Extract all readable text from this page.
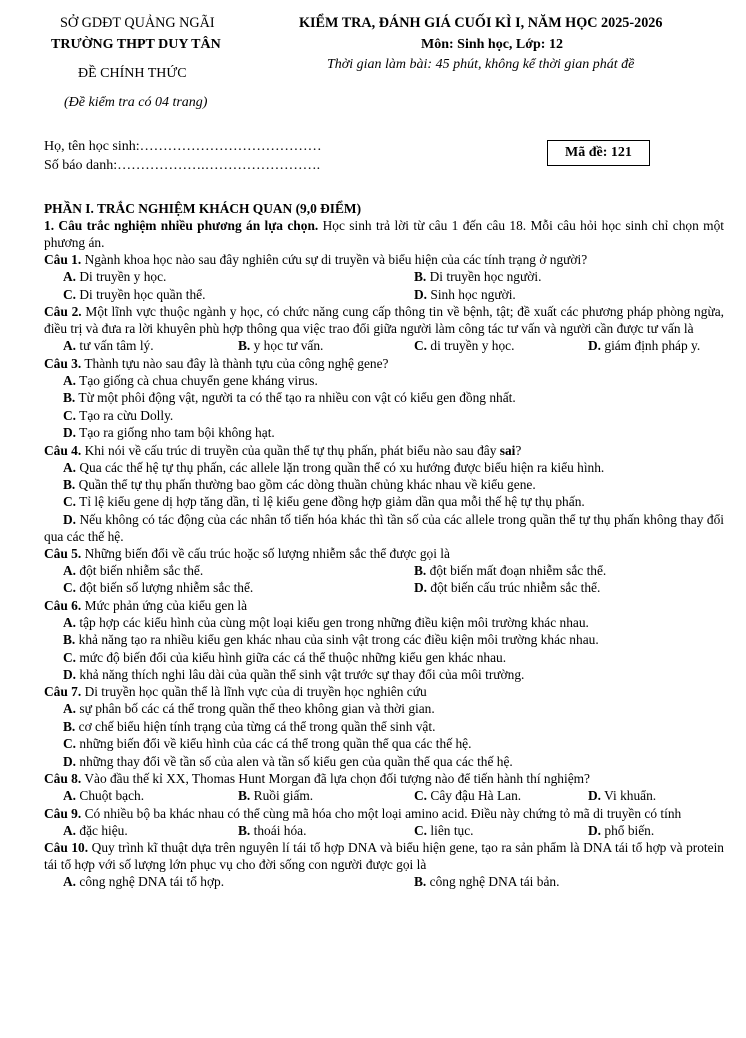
SỞ GDĐT QUẢNG NGÃI
TRƯỜNG THPT DUY TÂN
ĐỀ CHÍNH THỨC
(Đề kiểm tra có 04 trang)
KIỂM TRA, ĐÁNH GIÁ CUỐI KÌ I, NĂM HỌC 2025-2026
Môn: Sinh học, Lớp: 12
Thời gian làm bài: 45 phút, không kể thời gian phát đề
Họ, tên học sinh:…………………………………
Số báo danh:……………….…………………….
Mã đề: 121
PHẦN I. TRẮC NGHIỆM KHÁCH QUAN (9,0 ĐIỂM)
1. Câu trắc nghiệm nhiều phương án lựa chọn. Học sinh trả lời từ câu 1 đến câu 18. Mỗi câu hỏi học sinh chỉ chọn một phương án.
Câu 1. Ngành khoa học nào sau đây nghiên cứu sự di truyền và biểu hiện của các tính trạng ở người?
A. Di truyền y học.	B. Di truyền học người.
C. Di truyền học quần thể.	D. Sinh học người.
Câu 2. Một lĩnh vực thuộc ngành y học, có chức năng cung cấp thông tin về bệnh, tật; đề xuất các phương pháp phòng ngừa, điều trị và đưa ra lời khuyên phù hợp thông qua việc trao đổi giữa người làm công tác tư vấn và người cần được tư vấn là
A. tư vấn tâm lý.	B. y học tư vấn.	C. di truyền y học.	D. giám định pháp y.
Câu 3. Thành tựu nào sau đây là thành tựu của công nghệ gene?
A. Tạo giống cà chua chuyển gene kháng virus.
B. Từ một phôi động vật, người ta có thể tạo ra nhiều con vật có kiểu gen đồng nhất.
C. Tạo ra cừu Dolly.
D. Tạo ra giống nho tam bội không hạt.
Câu 4. Khi nói về cấu trúc di truyền của quần thể tự thụ phấn, phát biểu nào sau đây sai?
A. Qua các thế hệ tự thụ phấn, các allele lặn trong quần thể có xu hướng được biểu hiện ra kiểu hình.
B. Quần thể tự thụ phấn thường bao gồm các dòng thuần chủng khác nhau về kiểu gene.
C. Tỉ lệ kiểu gene dị hợp tăng dần, tỉ lệ kiểu gene đồng hợp giảm dần qua mỗi thế hệ tự thụ phấn.
D. Nếu không có tác động của các nhân tố tiến hóa khác thì tần số của các allele trong quần thể tự thụ phấn không thay đổi qua các thế hệ.
Câu 5. Những biến đổi về cấu trúc hoặc số lượng nhiễm sắc thể được gọi là
A. đột biến nhiễm sắc thể.	B. đột biến mất đoạn nhiễm sắc thể.
C. đột biến số lượng nhiễm sắc thể.	D. đột biến cấu trúc nhiễm sắc thể.
Câu 6. Mức phản ứng của kiểu gen là
A. tập hợp các kiểu hình của cùng một loại kiểu gen trong những điều kiện môi trường khác nhau.
B. khả năng tạo ra nhiều kiểu gen khác nhau của sinh vật trong các điều kiện môi trường khác nhau.
C. mức độ biến đổi của kiểu hình giữa các cá thể thuộc những kiểu gen khác nhau.
D. khả năng thích nghi lâu dài của quần thể sinh vật trước sự thay đổi của môi trường.
Câu 7. Di truyền học quần thể là lĩnh vực của di truyền học nghiên cứu
A. sự phân bố các cá thể trong quần thể theo không gian và thời gian.
B. cơ chế biểu hiện tính trạng của từng cá thể trong quần thể sinh vật.
C. những biến đổi về kiểu hình của các cá thể trong quần thể qua các thế hệ.
D. những thay đổi về tần số của alen và tần số kiểu gen của quần thể qua các thế hệ.
Câu 8. Vào đầu thế kỉ XX, Thomas Hunt Morgan đã lựa chọn đối tượng nào để tiến hành thí nghiệm?
A. Chuột bạch.	B. Ruồi giấm.	C. Cây đậu Hà Lan.	D. Vi khuẩn.
Câu 9. Có nhiều bộ ba khác nhau có thể cùng mã hóa cho một loại amino acid. Điều này chứng tỏ mã di truyền có tính
A. đặc hiệu.	B. thoái hóa.	C. liên tục.	D. phổ biến.
Câu 10. Quy trình kĩ thuật dựa trên nguyên lí tái tổ hợp DNA và biểu hiện gene, tạo ra sản phẩm là DNA tái tổ hợp và protein tái tổ hợp với số lượng lớn phục vụ cho đời sống con người được gọi là
A. công nghệ DNA tái tổ hợp.	B. công nghệ DNA tái bản.
